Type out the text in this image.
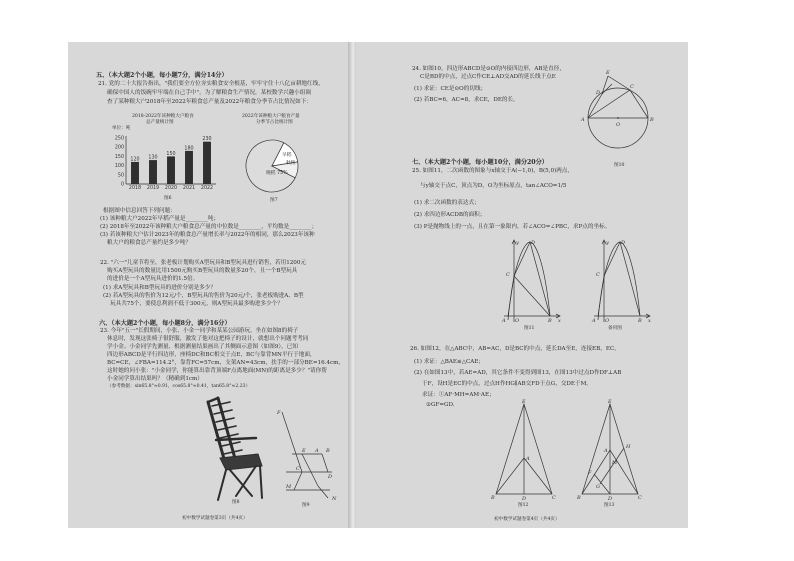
五、（本大题2个小题，每小题7分，满分14分）
21. 党的二十大报告指出，"我们要全方位夯实粮食安全根基，牢牢守住十八亿亩耕地红线，
确保中国人的饭碗牢牢端在自己手中"。为了解粮食生产情况，某校数学兴趣小组调
查了某种粮大户2018年至2022年粮食总产量及2022年粮食分季节占比情况如下：
2018-2022年该种粮大户粮食
总产量统计图
单位：吨
0
50
100
150
200
250
120
2018
130
2019
150
2020
180
2021
230
2022
图6
2022年该种粮大户粮食产量
分季节占比统计图
晚稻 75%
早稻
秋粮
图7
根据图中信息回答下列问题：
(1) 该种粮大户2022年早稻产量是________吨；
(2) 2018年至2022年该种粮大户粮食总产量的中位数是________，平均数是________；
(3) 若该种粮大户估计2023年的粮食总产量增长率与2022年的相同，那么2023年该种
粮大户的粮食总产量约是多少吨？
22. "六一"儿童节将至，张老板计划购买A型玩具和B型玩具进行销售，若用1200元
购买A型玩具的数量比用1500元购买B型玩具的数量多20个，且一个B型玩具
的进价是一个A型玩具进价的1.5倍。
(1) 求A型玩具和B型玩具的进价分别是多少？
(2) 若A型玩具的售价为12元/个，B型玩具的售价为20元/个，张老板购进A、B型
玩具共75个，要使总利润不低于300元，则A型玩具最多购进多少个？
六、（本大题2个小题，每小题8分，满分16分）
23. 今年"五一"长假期间，小张、小金一同学和某某公园游玩，坐在如图8的椅子
休息时，发现这张椅子很舒服，激发了他对这把椅子的设计，就想出个问题考考同
学小金。小金同学先测量、根据测量结果画出了其侧面示意图（如图9），已知
四边形ABCD是平行四边形，座椅DC和BC相交于点E，BC与靠背MN平行于地面，
BC=CE，∠FBA=114.2°，靠背FC=57cm，支架AN=43cm，扶手的一部分BE=16.4cm，
这时她的问小张："小金同学，你能算出靠背顶端F点离地面(MN)的距离是多少？"请你帮
小金同学算出结果吗？（精确到1cm）
（参考数据：sin65.8°≈0.91，cos65.8°≈0.41，tan65.8°≈2.23）
图8
F
E A B
C
D
M
N
图9
初中数学试题卷第3页（共4页）
24. 如图10，四边形ABCD是⊙O的内接四边形，AB是直径，
C是BD的中点，过点C作CE⊥AD交AD的延长线于点E
(1) 求证：CE是⊙O的切线；
(2) 若BC=6，AC=8，求CE，DE的长。
E
D
C
A
O
B
图10
七、（本大题2个小题，每小题10分，满分20分）
25. 如图11，二次函数的图象与x轴交于A(−1,0)，B(5,0)两点，
与y轴交于点C，顶点为D，O为坐标原点，tan∠ACO=1/5
(1) 求二次函数的表达式；
(2) 求四边形ACDB的面积；
(3) P是抛物线上的一点，且在第一象限内，若∠ACO=∠PBC，求P点的坐标。
y D
C
A O	B x
图11
y D
C
A O	B x
备用图
26. 如图12，在△ABC中，AB=AC，D是BC的中点，延长DA至E，连接EB，EC。
(1) 求证：△BAE≌△CAE；
(2) 在如图13中，若AE=AD，其它条件不变得到图13，在图13中过点D作DF⊥AB
于F，设H是EC的中点，过点H作HG∥AB交FD于点G，交DE于M。
求证：①AF·MH=AM·AE；
②GF=GD.	E
A
B	D	C
图12
E
A
H
M
F
G
B	D	C
图13
初中数学试题卷第4页（共4页）
